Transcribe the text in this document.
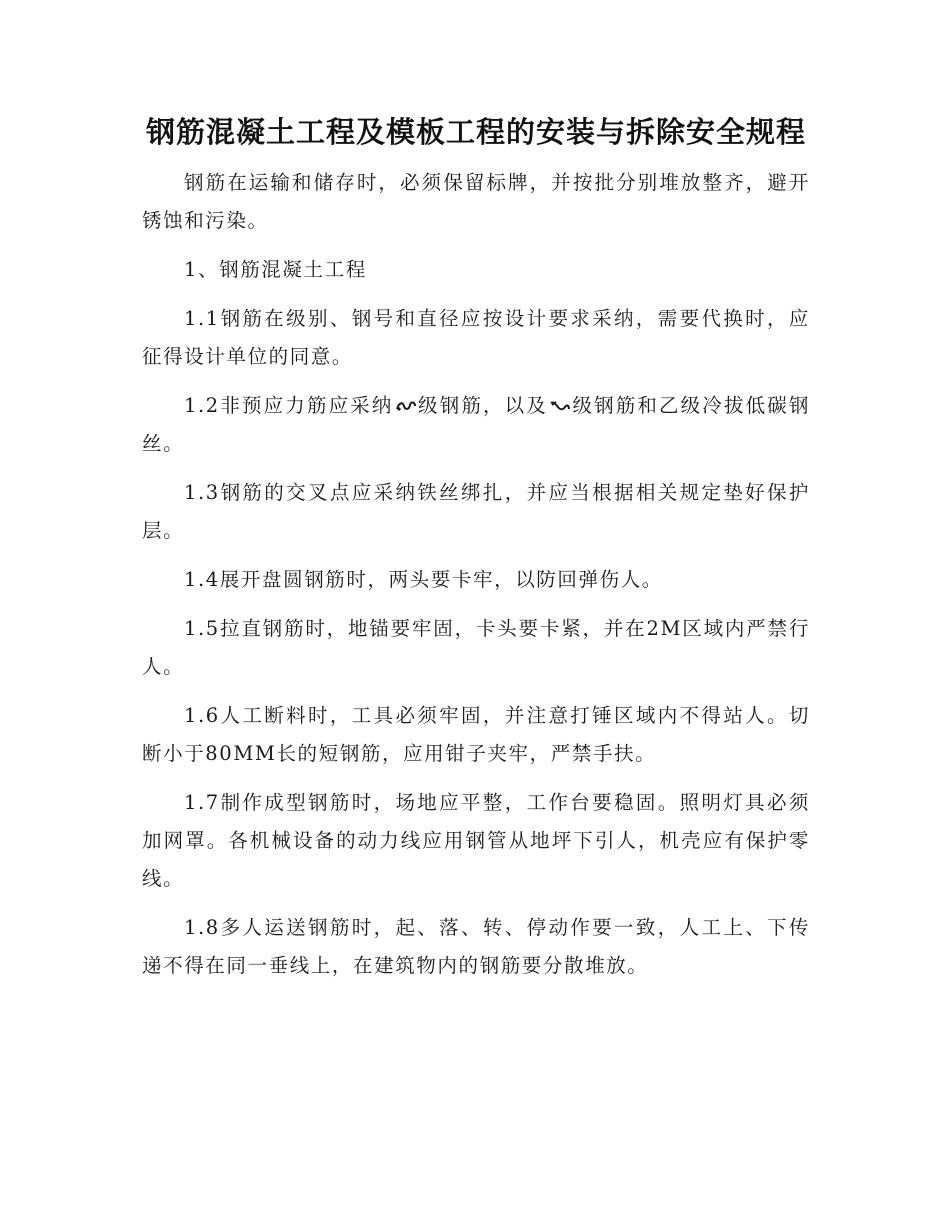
钢筋混凝土工程及模板工程的安装与拆除安全规程

钢筋在运输和储存时，必须保留标牌，并按批分别堆放整齐，避开锈蚀和污染。

1、钢筋混凝土工程

1.1钢筋在级别、钢号和直径应按设计要求采纳，需要代换时，应征得设计单位的同意。

1.2非预应力筋应采纳 级钢筋，以及 级钢筋和乙级冷拔低碳钢丝。

1.3钢筋的交叉点应采纳铁丝绑扎，并应当根据相关规定垫好保护层。

1.4展开盘圆钢筋时，两头要卡牢，以防回弹伤人。

1.5拉直钢筋时，地锚要牢固，卡头要卡紧，并在2M区域内严禁行人。

1.6人工断料时，工具必须牢固，并注意打锤区域内不得站人。切断小于80MM长的短钢筋，应用钳子夹牢，严禁手扶。

1.7制作成型钢筋时，场地应平整，工作台要稳固。照明灯具必须加网罩。各机械设备的动力线应用钢管从地坪下引人，机壳应有保护零线。

1.8多人运送钢筋时，起、落、转、停动作要一致，人工上、下传递不得在同一垂线上，在建筑物内的钢筋要分散堆放。
